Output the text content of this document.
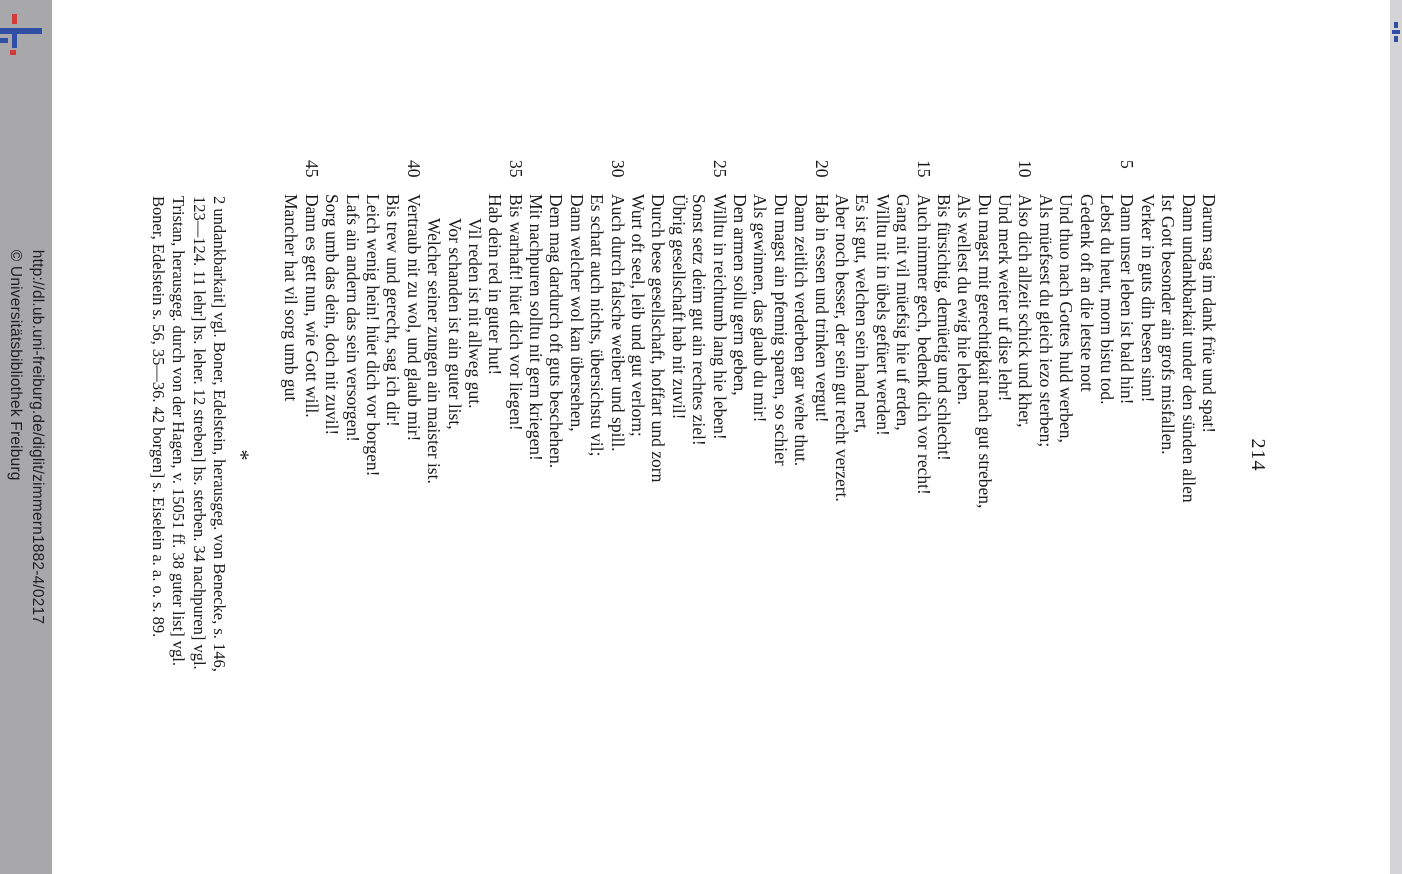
http://dl.ub.uni-freiburg.de/diglit/zimmern1882-4/0217
© Universitätsbibliothek Freiburg	214
Darum sag im dank früe und spat!
Dann undankbarkait under den sünden allen
Ist Gott besonder ain grofs misfallen.
Verker in guts din besen sinn!
5
Dann unser leben ist bald hin!
Lebst du heut, morn bistu tod.
Gedenk oft an die letste nott
Und thuo nach Gottes huld werben,
Als müefsest du gleich iezo sterben;
10
Also dich allzeit schick und kher,
Und merk weiter uf dise lehr!
Du magst mit gerechtigkait nach gut streben,
Als wellest du ewig hie leben.
Bis fürsichtig, demüetig und schlecht!
15
Auch nimmer gech, bedenk dich vor recht!
Gang nit vil müefsig hie uf erden,
Willtu nit in übels gefüert werden!
Es ist gut, welchen sein hand nert,
Aber noch besser, der sein gut recht verzert.
20
Hab in essen und trinken vergut!
Dann zeitlich verderben gar wehe thut.
Du magst ain pfennig sparen, so schier
Als gewinnen, das glaub du mir!
Den armen sollu gern geben,
25
Willtu in reichtumb lang hie leben!
Sonst setz deim gut ain rechtes ziel!
Übrig gesellschaft hab nit zuvil!
Durch bese gesellschaft, hoffart und zorn
Wurt oft seel, leib und gut verlorn;
30
Auch durch falsche weiber und spill.
Es schatt auch nichts, übersichstu vil;
Dann welcher wol kan übersehen,
Dem mag dardurch oft guts beschehen.
Mit nachpuren solltu nit gern kriegen!
35
Bis warhaft! hüet dich vor liegen!
Hab dein red in guter hut!
Vil reden ist nit allweg gut.
Vor schanden ist ain guter list,
Welcher seiner zungen ain maister ist.
40
Vertraub nit zu wol, und glaub mir!
Bis trew und gerecht, sag ich dir!
Leich wenig hein! hüet dich vor borgen!
Lafs ain andern das sein versorgen!
Sorg umb das dein, doch nit zuvil!
45
Dann es gett nun, wie Gott will.
Mancher hat vil sorg umb gut
*
2 undankbarkait] vgl. Boner, Edelstein, herausgeg. von Benecke, s. 146,
123—124. 11 lehr] hs. leher. 12 streben] hs. sterben. 34 nachpuren] vgl.
Tristan, herausgeg. durch von der Hagen, v. 15051 ff. 38 guter list] vgl.
Boner, Edelstein s. 56, 35—36. 42 borgen] s. Eiselein a. a. o. s. 89.
